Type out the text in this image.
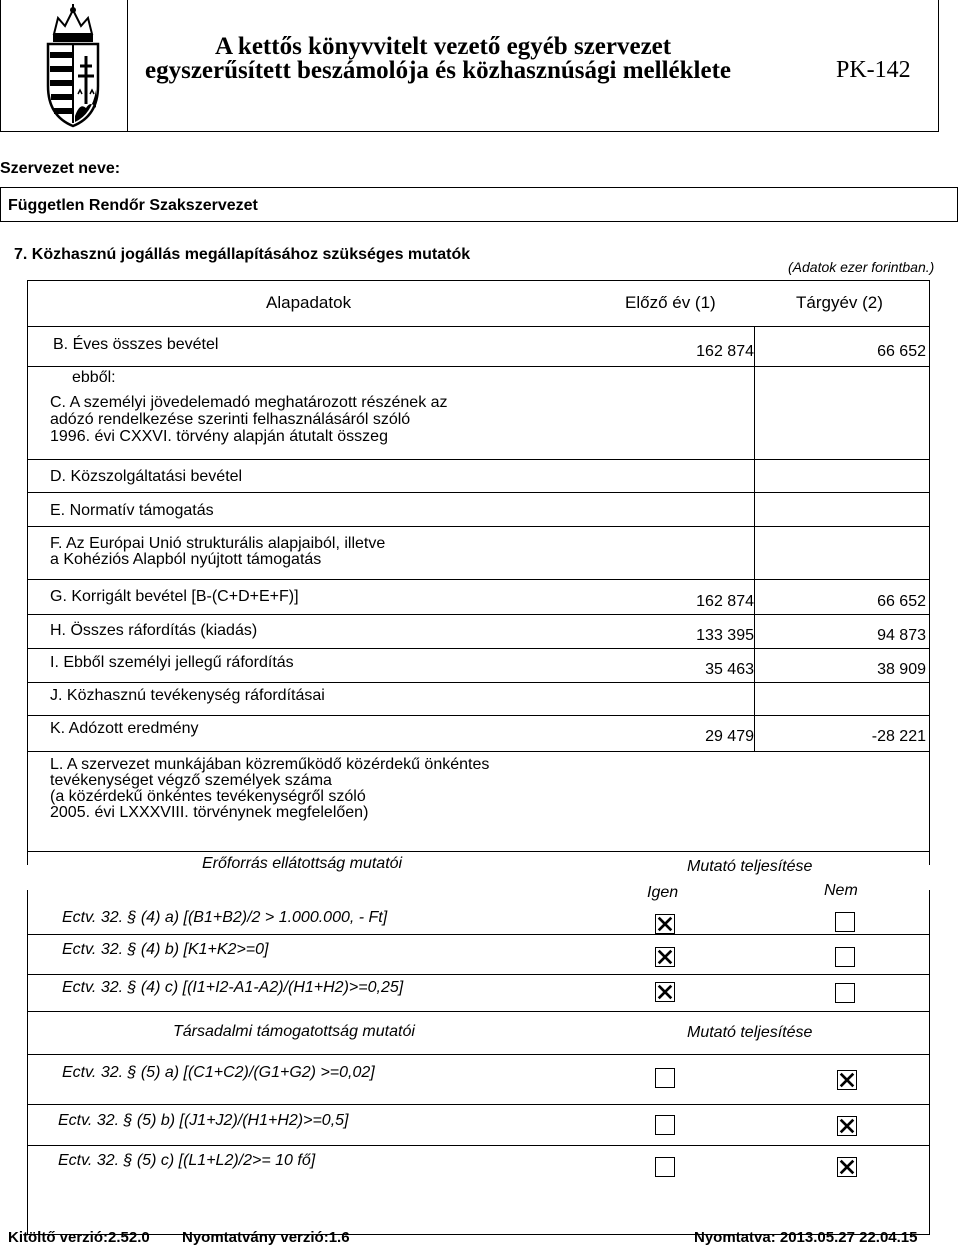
A kettős könyvvitelt vezető egyéb szervezet
egyszerűsített beszámolója és közhasznúsági melléklete	PK-142
Szervezet neve:
Független Rendőr Szakszervezet
7. Közhasznú jogállás megállapításához szükséges mutatók
(Adatok ezer forintban.)
Alapadatok	Előző év (1)	Tárgyév (2)
B. Éves összes bevétel	162 874	66 652
ebből:
C. A személyi jövedelemadó meghatározott részének az
adózó rendelkezése szerinti felhasználásáról szóló
1996. évi CXXVI. törvény alapján átutalt összeg
D. Közszolgáltatási bevétel
E. Normatív támogatás
F. Az Európai Unió strukturális alapjaiból, illetve
a Kohéziós Alapból nyújtott támogatás
G. Korrigált bevétel [B-(C+D+E+F)]	162 874	66 652
H. Összes ráfordítás (kiadás)	133 395	94 873
I. Ebből személyi jellegű ráfordítás	35 463	38 909
J. Közhasznú tevékenység ráfordításai
K. Adózott eredmény	29 479	-28 221
L. A szervezet munkájában közreműködő közérdekű önkéntes
tevékenységet végző személyek száma
(a közérdekű önkéntes tevékenységről szóló
2005. évi LXXXVIII. törvénynek megfelelően)
Erőforrás ellátottság mutatói	Mutató teljesítése
Igen	Nem
Ectv. 32. § (4) a) [(B1+B2)/2 > 1.000.000, - Ft]
Ectv. 32. § (4) b) [K1+K2>=0]
Ectv. 32. § (4) c) [(I1+I2-A1-A2)/(H1+H2)>=0,25]
Társadalmi támogatottság mutatói	Mutató teljesítése
Ectv. 32. § (5) a) [(C1+C2)/(G1+G2) >=0,02]
Ectv. 32. § (5) b) [(J1+J2)/(H1+H2)>=0,5]
Ectv. 32. § (5) c) [(L1+L2)/2>= 10 fő]
Kitöltő verzió:2.52.0 Nyomtatvány verzió:1.6	Nyomtatva: 2013.05.27 22.04.15
